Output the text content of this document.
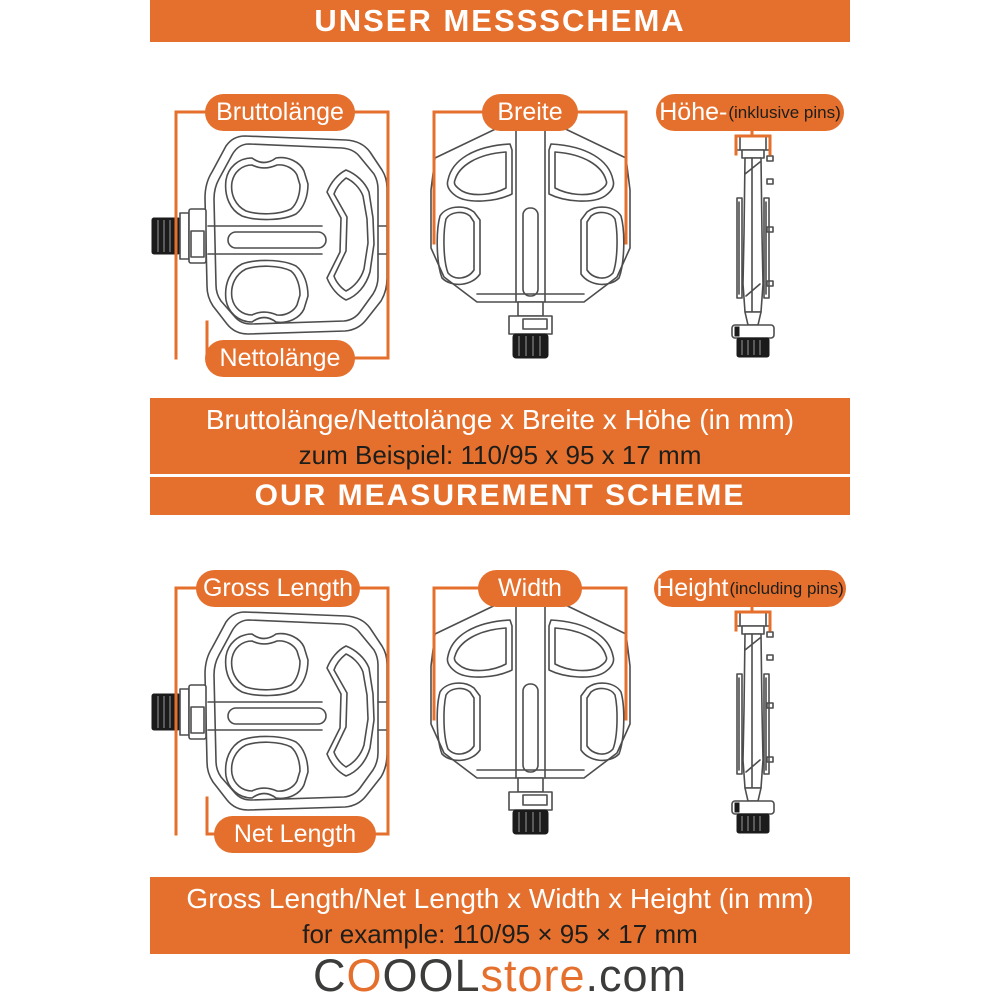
UNSER MESSSCHEMA
Bruttolänge	Breite	Höhe- (inklusive pins)
Nettolänge
Bruttolänge/Nettolänge x Breite x Höhe (in mm)
zum Beispiel: 110/95 x 95 x 17 mm
OUR MEASUREMENT SCHEME
Gross Length	Width	Height (including pins)
Net Length
Gross Length/Net Length x Width x Height (in mm)
for example: 110/95 × 95 × 17 mm
COOOLstore.com
